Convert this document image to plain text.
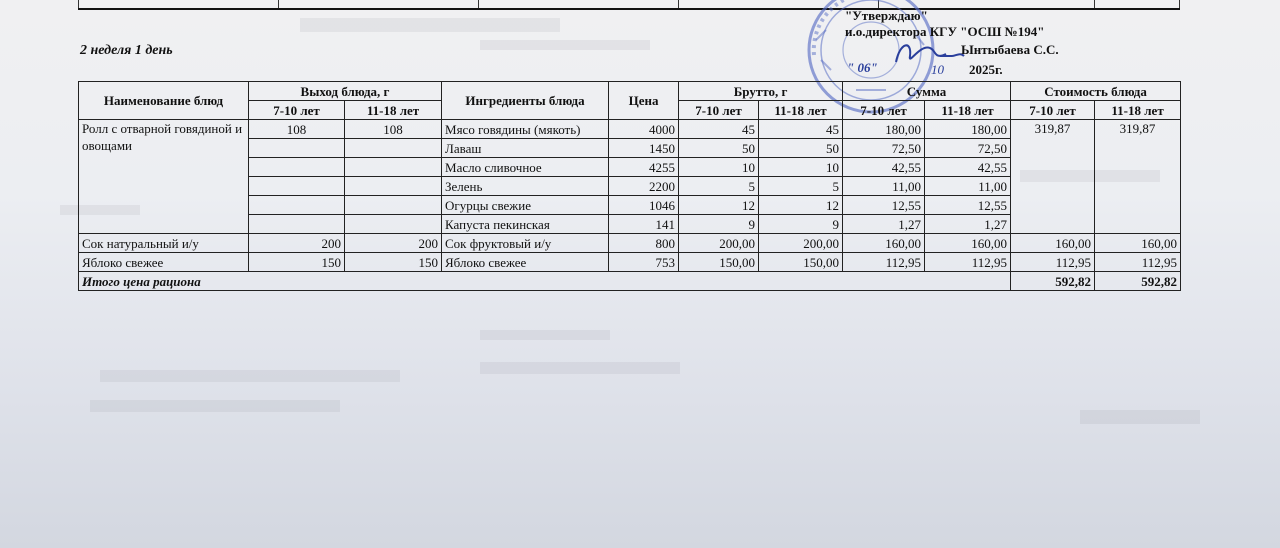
2 неделя 1 день
"Утверждаю"
и.о.директора КГУ "ОСШ №194"
Ынтыбаева С.С.
" 06"	10 2025г.
Наименование блюд	Выход блюда, г		Ингредиенты блюда	Цена	Брутто, г		Сумма		Стоимость блюда	
	7-10 лет	11-18 лет			7-10 лет	11-18 лет	7-10 лет	11-18 лет	7-10 лет	11-18 лет
Ролл с отварной говядиной и овощами	108	108	Мясо говядины (мякоть)	4000	45	45	180,00	180,00	319,87	319,87
			Лаваш	1450	50	50	72,50	72,50		
			Масло сливочное	4255	10	10	42,55	42,55		
			Зелень	2200	5	5	11,00	11,00		
			Огурцы свежие	1046	12	12	12,55	12,55		
			Капуста пекинская	141	9	9	1,27	1,27		
Сок натуральный и/у	200	200	Сок фруктовый и/у	800	200,00	200,00	160,00	160,00	160,00	160,00
Яблоко свежее	150	150	Яблоко свежее	753	150,00	150,00	112,95	112,95	112,95	112,95
Итого цена рациона									592,82	592,82
